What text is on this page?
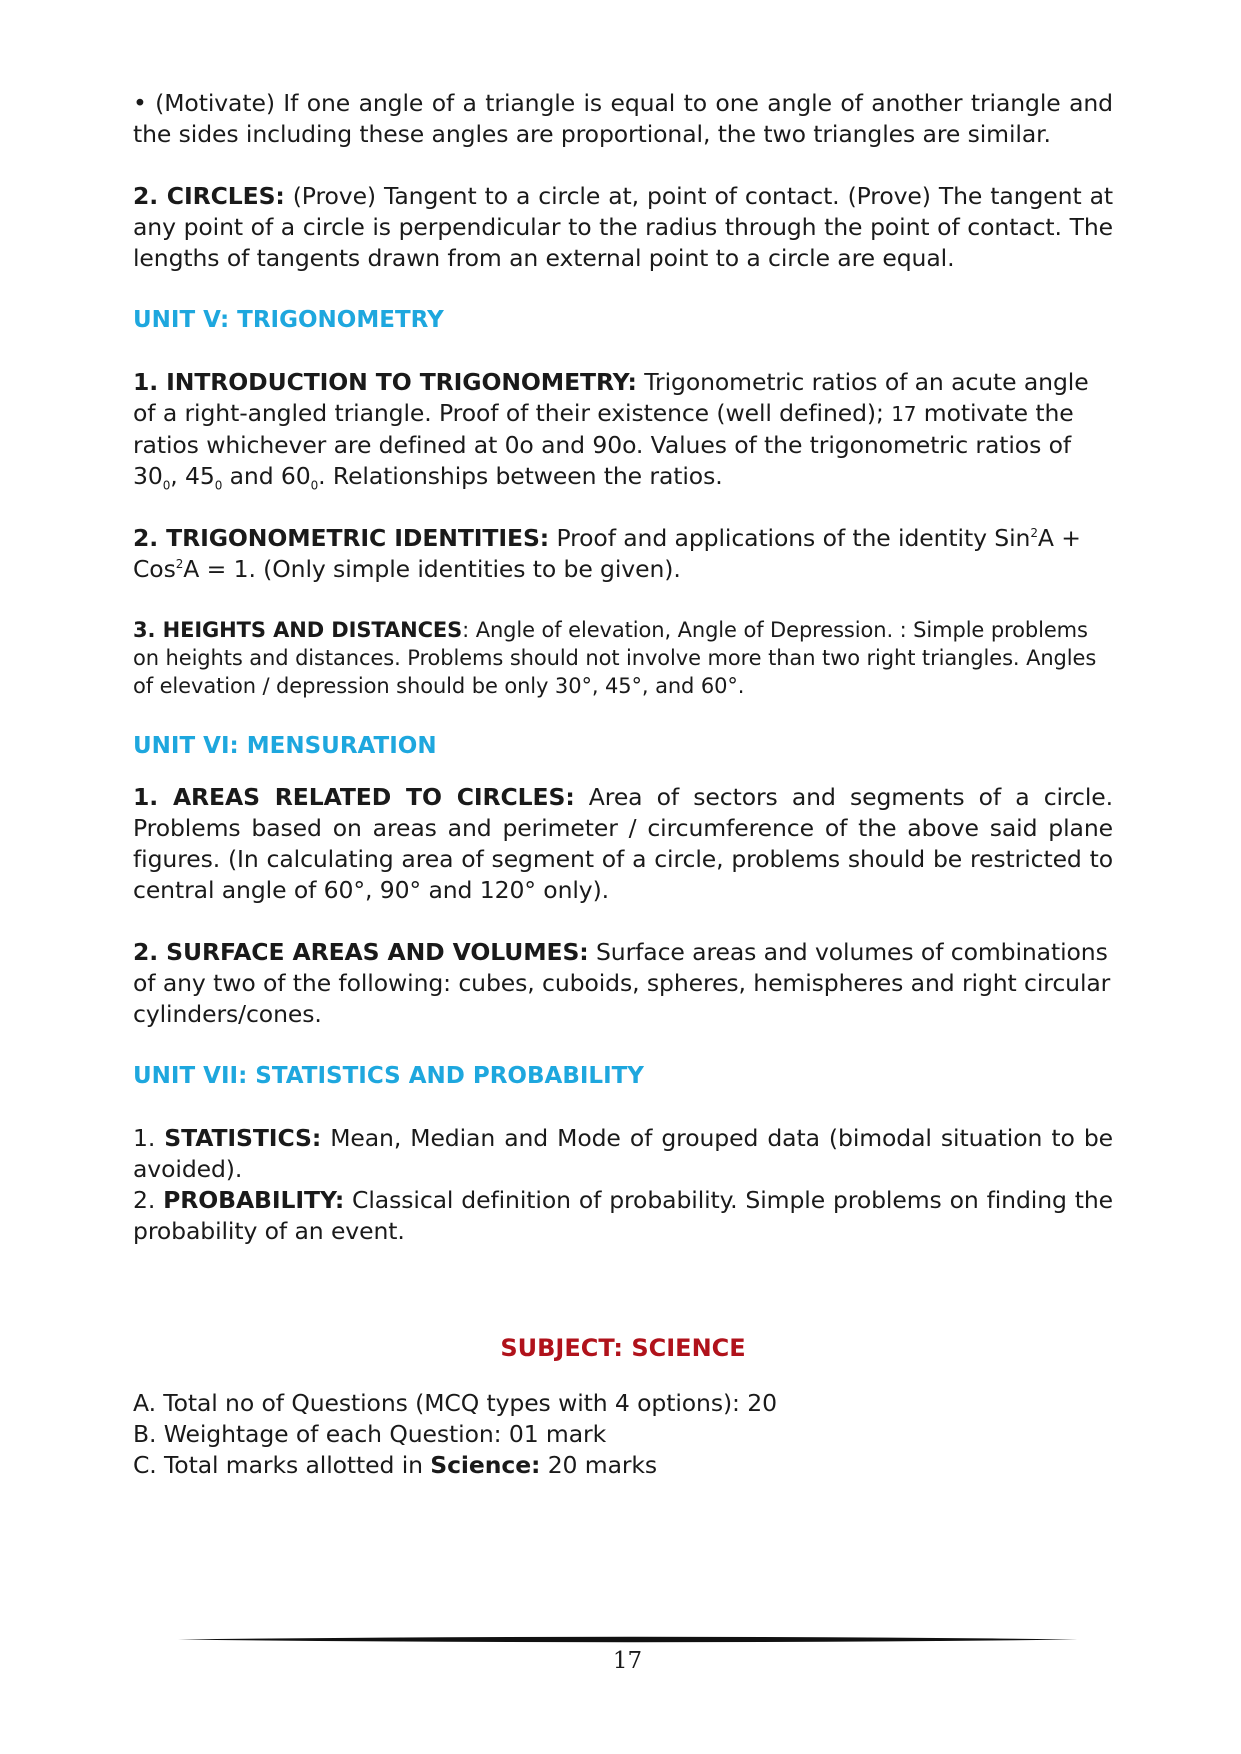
• (Motivate) If one angle of a triangle is equal to one angle of another triangle and the sides including these angles are proportional, the two triangles are similar.

2. CIRCLES: (Prove) Tangent to a circle at, point of contact. (Prove) The tangent at any point of a circle is perpendicular to the radius through the point of contact. The lengths of tangents drawn from an external point to a circle are equal.

UNIT V: TRIGONOMETRY

1. INTRODUCTION TO TRIGONOMETRY: Trigonometric ratios of an acute angle of a right-angled triangle. Proof of their existence (well defined); 17 motivate the ratios whichever are defined at 0o and 90o. Values of the trigonometric ratios of $30_0$, $45_0$ and $60_0$. Relationships between the ratios.

2. TRIGONOMETRIC IDENTITIES: Proof and applications of the identity Sin$^2$A + Cos$^2$A = 1. (Only simple identities to be given).

3. HEIGHTS AND DISTANCES: Angle of elevation, Angle of Depression. : Simple problems on heights and distances. Problems should not involve more than two right triangles. Angles of elevation / depression should be only 30°, 45°, and 60°.

UNIT VI: MENSURATION

1. AREAS RELATED TO CIRCLES: Area of sectors and segments of a circle. Problems based on areas and perimeter / circumference of the above said plane figures. (In calculating area of segment of a circle, problems should be restricted to central angle of 60°, 90° and 120° only).

2. SURFACE AREAS AND VOLUMES: Surface areas and volumes of combinations of any two of the following: cubes, cuboids, spheres, hemispheres and right circular cylinders/cones.

UNIT VII: STATISTICS AND PROBABILITY

1. STATISTICS: Mean, Median and Mode of grouped data (bimodal situation to be avoided).

2. PROBABILITY: Classical definition of probability. Simple problems on finding the probability of an event.

SUBJECT: SCIENCE

A. Total no of Questions (MCQ types with 4 options): 20

B. Weightage of each Question: 01 mark

C. Total marks allotted in Science: 20 marks

17
